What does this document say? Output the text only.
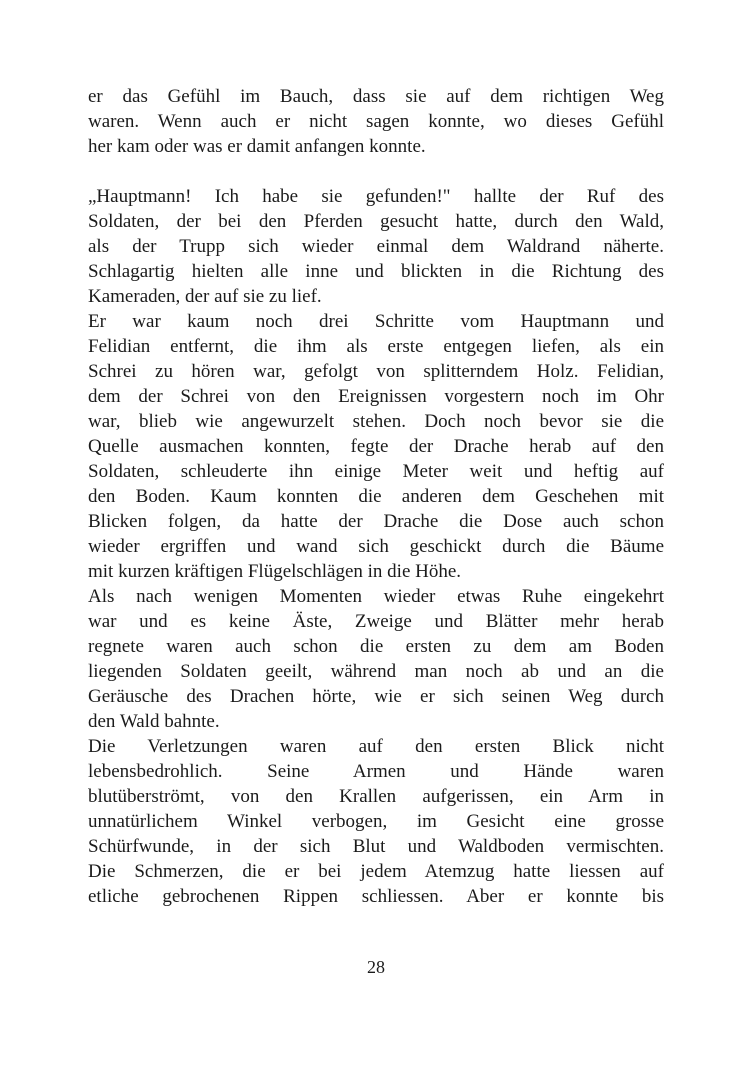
er das Gefühl im Bauch, dass sie auf dem richtigen Weg
waren. Wenn auch er nicht sagen konnte, wo dieses Gefühl
her kam oder was er damit anfangen konnte.
„Hauptmann! Ich habe sie gefunden!" hallte der Ruf des
Soldaten, der bei den Pferden gesucht hatte, durch den Wald,
als der Trupp sich wieder einmal dem Waldrand näherte.
Schlagartig hielten alle inne und blickten in die Richtung des
Kameraden, der auf sie zu lief.
Er war kaum noch drei Schritte vom Hauptmann und
Felidian entfernt, die ihm als erste entgegen liefen, als ein
Schrei zu hören war, gefolgt von splitterndem Holz. Felidian,
dem der Schrei von den Ereignissen vorgestern noch im Ohr
war, blieb wie angewurzelt stehen. Doch noch bevor sie die
Quelle ausmachen konnten, fegte der Drache herab auf den
Soldaten, schleuderte ihn einige Meter weit und heftig auf
den Boden. Kaum konnten die anderen dem Geschehen mit
Blicken folgen, da hatte der Drache die Dose auch schon
wieder ergriffen und wand sich geschickt durch die Bäume
mit kurzen kräftigen Flügelschlägen in die Höhe.
Als nach wenigen Momenten wieder etwas Ruhe eingekehrt
war und es keine Äste, Zweige und Blätter mehr herab
regnete waren auch schon die ersten zu dem am Boden
liegenden Soldaten geeilt, während man noch ab und an die
Geräusche des Drachen hörte, wie er sich seinen Weg durch
den Wald bahnte.
Die Verletzungen waren auf den ersten Blick nicht
lebensbedrohlich. Seine Armen und Hände waren
blutüberströmt, von den Krallen aufgerissen, ein Arm in
unnatürlichem Winkel verbogen, im Gesicht eine grosse
Schürfwunde, in der sich Blut und Waldboden vermischten.
Die Schmerzen, die er bei jedem Atemzug hatte liessen auf
etliche gebrochenen Rippen schliessen. Aber er konnte bis
28
